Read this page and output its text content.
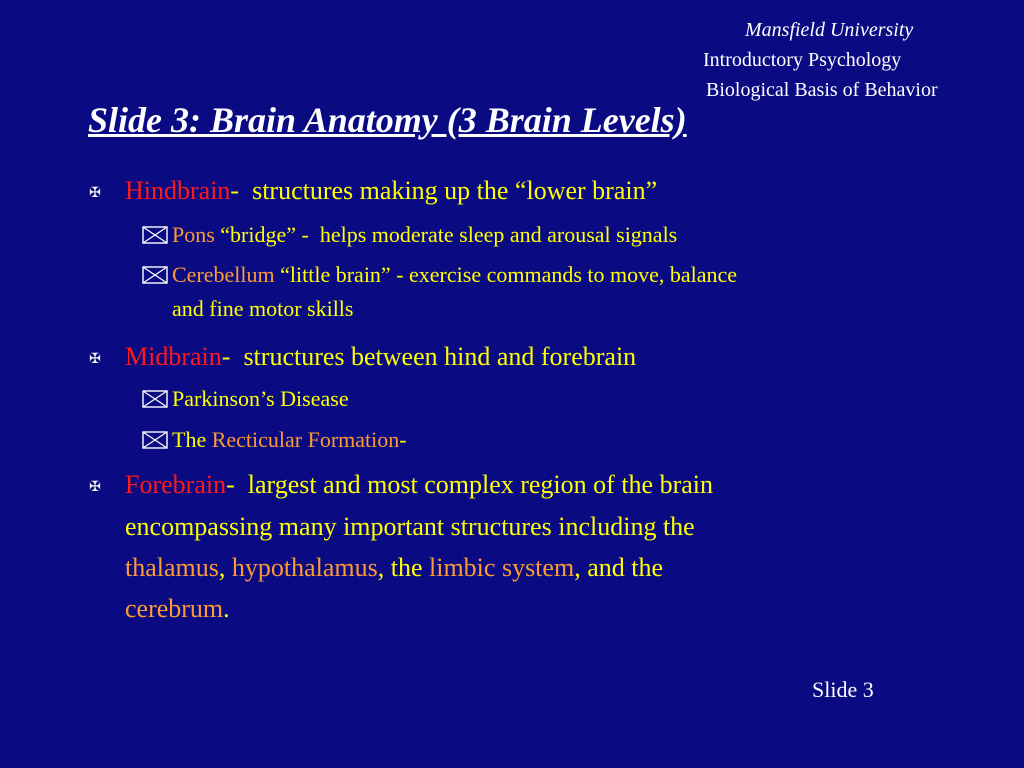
Mansfield University
Introductory Psychology
Biological Basis of Behavior
Slide 3: Brain Anatomy (3 Brain Levels)
✠ Hindbrain-  structures making up the “lower brain”
Pons “bridge” -  helps moderate sleep and arousal signals
Cerebellum “little brain” - exercise commands to move, balance
and fine motor skills
✠ Midbrain-  structures between hind and forebrain
Parkinson’s Disease
The Recticular Formation-
✠ Forebrain-  largest and most complex region of the brain
encompassing many important structures including the
thalamus, hypothalamus, the limbic system, and the
cerebrum.
Slide 3
